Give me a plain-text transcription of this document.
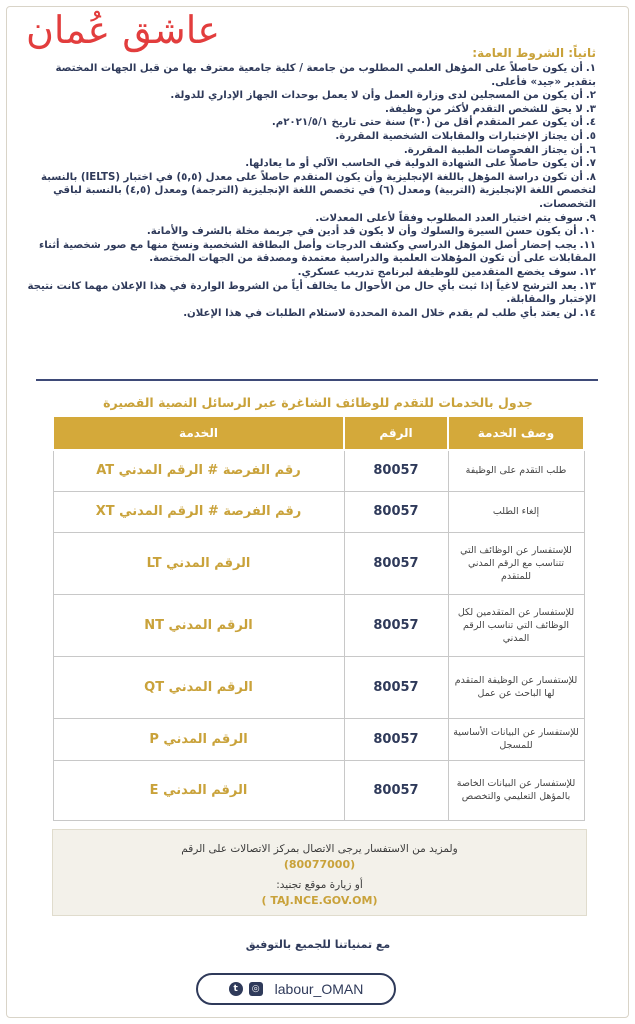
عاشق عُمان

ثانياً: الشروط العامة:

١.أن يكون حاصلاً على المؤهل العلمي المطلوب من جامعة / كلية جامعية معترف بها من قبل الجهات المختصة بتقدير «جيد» فأعلى.
٢.أن يكون من المسجلين لدى وزارة العمل وأن لا يعمل بوحدات الجهاز الإداري للدولة.
٣.لا يحق للشخص التقدم لأكثر من وظيفة.
٤.أن يكون عمر المتقدم أقل من (٣٠) سنة حتى تاريخ ٢٠٢١/٥/١م.
٥.أن يجتاز الإختبارات والمقابلات الشخصية المقررة.
٦.أن يجتاز الفحوصات الطبية المقررة.
٧.أن يكون حاصلاً على الشهادة الدولية في الحاسب الآلي أو ما يعادلها.
٨.أن تكون دراسة المؤهل باللغة الإنجليزية وأن يكون المتقدم حاصلاً على معدل (٥,٥) في اختبار (IELTS) بالنسبة لتخصص اللغة الإنجليزية (التربية) ومعدل (٦) في تخصص اللغة الإنجليزية (الترجمة) ومعدل (٤,٥) بالنسبة لباقي التخصصات.
٩.سوف يتم اختيار العدد المطلوب وفقاً لأعلى المعدلات.
١٠.أن يكون حسن السيرة والسلوك وأن لا يكون قد أدين في جريمة مخلة بالشرف والأمانة.
١١.يجب إحضار أصل المؤهل الدراسي وكشف الدرجات وأصل البطاقة الشخصية ونسخ منها مع صور شخصية أثناء المقابلات على أن تكون المؤهلات العلمية والدراسية معتمدة ومصدقة من الجهات المختصة.
١٢.سوف يخضع المتقدمين للوظيفة لبرنامج تدريب عسكري.
١٣.يعد الترشح لاغياً إذا ثبت بأي حال من الأحوال ما يخالف أياً من الشروط الواردة في هذا الإعلان مهما كانت نتيجة الإختبار والمقابلة.
١٤.لن يعتد بأي طلب لم يقدم خلال المدة المحددة لاستلام الطلبات في هذا الإعلان.
جدول بالخدمات للتقدم للوظائف الشاغرة عبر الرسائل النصية القصيرة
وصف الخدمة	الرقم	الخدمة
طلب التقدم على الوظيفة	80057	رقم الفرصة # الرقم المدني AT
إلغاء الطلب	80057	رقم الفرصة # الرقم المدني XT
للإستفسار عن الوظائف التي تتناسب مع الرقم المدني للمتقدم	80057	الرقم المدني LT
للإستفسار عن المتقدمين لكل الوظائف التي تناسب الرقم المدني	80057	الرقم المدني NT
للإستفسار عن الوظيفة المتقدم لها الباحث عن عمل	80057	الرقم المدني QT
للإستفسار عن البيانات الأساسية للمسجل	80057	الرقم المدني P
للإستفسار عن البيانات الخاصة بالمؤهل التعليمي والتخصص	80057	الرقم المدني E

ولمزيد من الاستفسار يرجى الاتصال بمركز الاتصالات على الرقم

(80077000)

أو زيارة موقع تجنيد:

(TAJ.NCE.GOV.OM )

مع تمنياتنا للجميع بالتوفيق
t	◎ labour_OMAN
